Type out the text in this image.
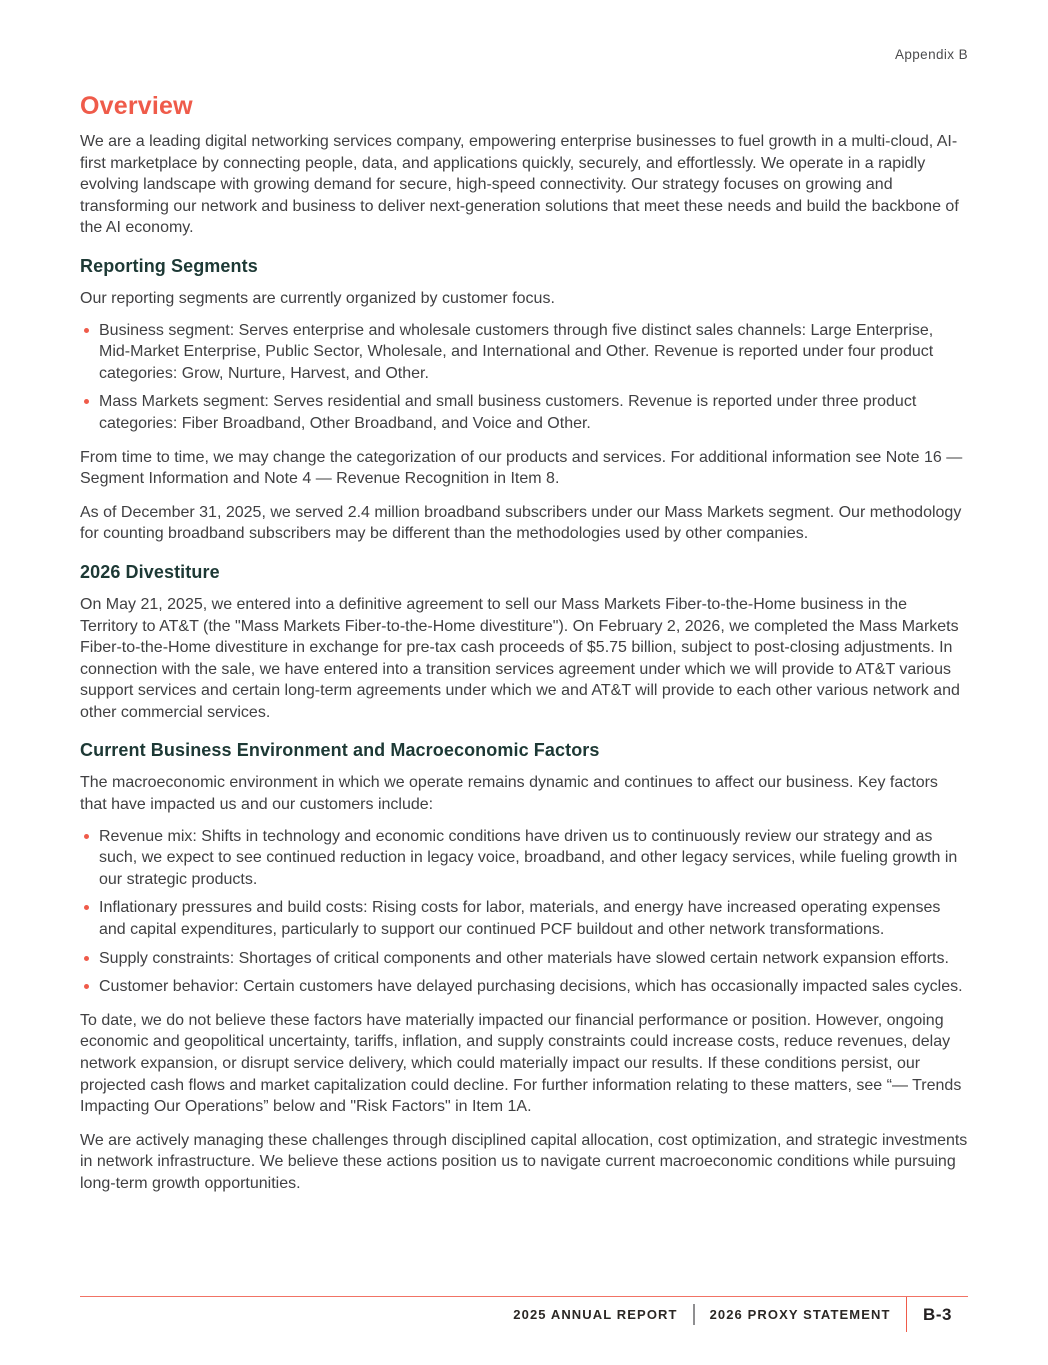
Appendix B
Overview

We are a leading digital networking services company, empowering enterprise businesses to fuel growth in a multi-cloud, AI-first marketplace by connecting people, data, and applications quickly, securely, and effortlessly. We operate in a rapidly evolving landscape with growing demand for secure, high-speed connectivity. Our strategy focuses on growing and transforming our network and business to deliver next-generation solutions that meet these needs and build the backbone of the AI economy.

Reporting Segments

Our reporting segments are currently organized by customer focus.

Business segment: Serves enterprise and wholesale customers through five distinct sales channels: Large Enterprise, Mid-Market Enterprise, Public Sector, Wholesale, and International and Other. Revenue is reported under four product categories: Grow, Nurture, Harvest, and Other.
Mass Markets segment: Serves residential and small business customers. Revenue is reported under three product categories: Fiber Broadband, Other Broadband, and Voice and Other.

From time to time, we may change the categorization of our products and services. For additional information see Note 16 — Segment Information and Note 4 — Revenue Recognition in Item 8.

As of December 31, 2025, we served 2.4 million broadband subscribers under our Mass Markets segment. Our methodology for counting broadband subscribers may be different than the methodologies used by other companies.

2026 Divestiture

On May 21, 2025, we entered into a definitive agreement to sell our Mass Markets Fiber-to-the-Home business in the Territory to AT&T (the "Mass Markets Fiber-to-the-Home divestiture"). On February 2, 2026, we completed the Mass Markets Fiber-to-the-Home divestiture in exchange for pre-tax cash proceeds of $5.75 billion, subject to post-closing adjustments. In connection with the sale, we have entered into a transition services agreement under which we will provide to AT&T various support services and certain long-term agreements under which we and AT&T will provide to each other various network and other commercial services.

Current Business Environment and Macroeconomic Factors

The macroeconomic environment in which we operate remains dynamic and continues to affect our business. Key factors that have impacted us and our customers include:

Revenue mix: Shifts in technology and economic conditions have driven us to continuously review our strategy and as such, we expect to see continued reduction in legacy voice, broadband, and other legacy services, while fueling growth in our strategic products.
Inflationary pressures and build costs: Rising costs for labor, materials, and energy have increased operating expenses and capital expenditures, particularly to support our continued PCF buildout and other network transformations.
Supply constraints: Shortages of critical components and other materials have slowed certain network expansion efforts.
Customer behavior: Certain customers have delayed purchasing decisions, which has occasionally impacted sales cycles.

To date, we do not believe these factors have materially impacted our financial performance or position. However, ongoing economic and geopolitical uncertainty, tariffs, inflation, and supply constraints could increase costs, reduce revenues, delay network expansion, or disrupt service delivery, which could materially impact our results. If these conditions persist, our projected cash flows and market capitalization could decline. For further information relating to these matters, see “— Trends Impacting Our Operations” below and "Risk Factors" in Item 1A.

We are actively managing these challenges through disciplined capital allocation, cost optimization, and strategic investments in network infrastructure. We believe these actions position us to navigate current macroeconomic conditions while pursuing long-term growth opportunities.

2025 ANNUAL REPORT 2026 PROXY STATEMENT	B-3
